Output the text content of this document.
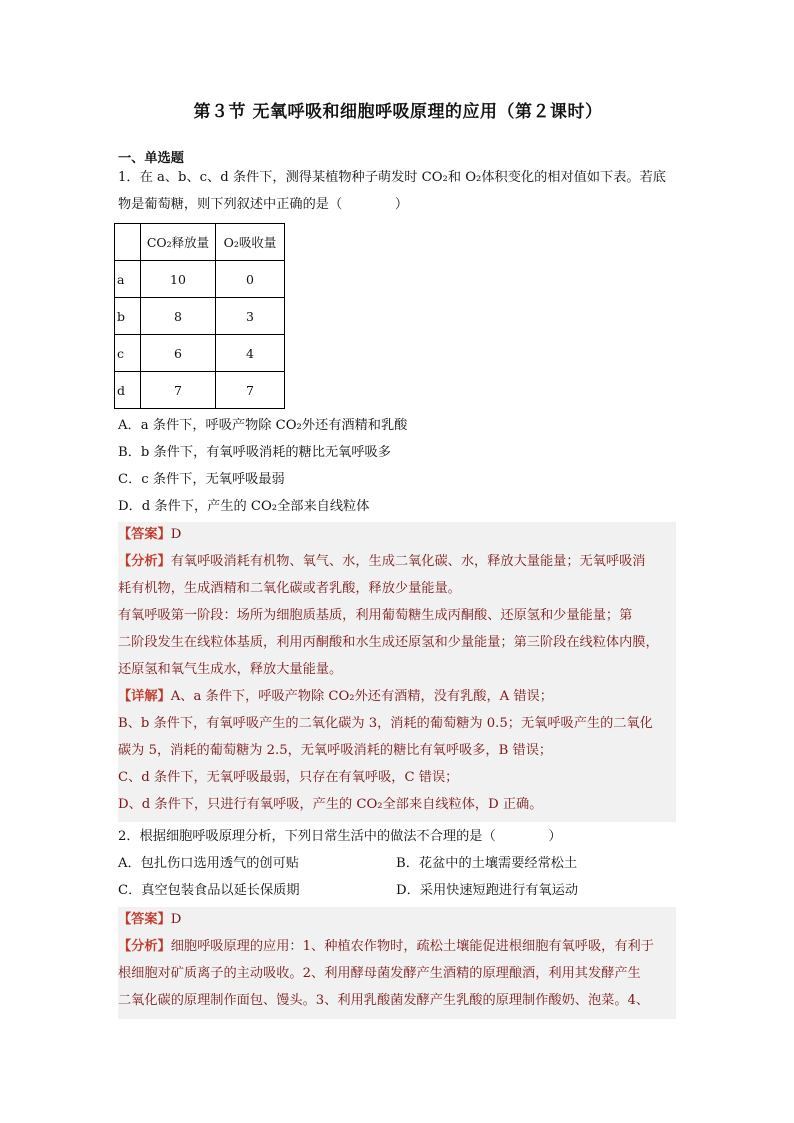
第３节 无氧呼吸和细胞呼吸原理的应用（第２课时）
一、单选题
1．在 a、b、c、d 条件下，测得某植物种子萌发时 CO₂和 O₂体积变化的相对值如下表。若底
物是葡萄糖，则下列叙述中正确的是（　　　　）
	CO₂释放量	O₂吸收量
a	10	0
b	8	3
c	6	4
d	7	7
A．a 条件下，呼吸产物除 CO₂外还有酒精和乳酸
B．b 条件下，有氧呼吸消耗的糖比无氧呼吸多
C．c 条件下，无氧呼吸最弱
D．d 条件下，产生的 CO₂全部来自线粒体
【答案】D
【分析】有氧呼吸消耗有机物、氧气、水，生成二氧化碳、水，释放大量能量；无氧呼吸消
耗有机物，生成酒精和二氧化碳或者乳酸，释放少量能量。
有氧呼吸第一阶段：场所为细胞质基质，利用葡萄糖生成丙酮酸、还原氢和少量能量；第
二阶段发生在线粒体基质，利用丙酮酸和水生成还原氢和少量能量；第三阶段在线粒体内膜，
还原氢和氧气生成水，释放大量能量。
【详解】A、a 条件下，呼吸产物除 CO₂外还有酒精，没有乳酸，A 错误；
B、b 条件下，有氧呼吸产生的二氧化碳为 3，消耗的葡萄糖为 0.5；无氧呼吸产生的二氧化
碳为 5，消耗的葡萄糖为 2.5，无氧呼吸消耗的糖比有氧呼吸多，B 错误；
C、d 条件下，无氧呼吸最弱，只存在有氧呼吸，C 错误；
D、d 条件下，只进行有氧呼吸，产生的 CO₂全部来自线粒体，D 正确。
2．根据细胞呼吸原理分析，下列日常生活中的做法不合理的是（　　　　）
A．包扎伤口选用透气的创可贴	B．花盆中的土壤需要经常松土
C．真空包装食品以延长保质期	D．采用快速短跑进行有氧运动
【答案】D
【分析】细胞呼吸原理的应用：1、种植农作物时，疏松土壤能促进根细胞有氧呼吸，有利于
根细胞对矿质离子的主动吸收。2、利用酵母菌发酵产生酒精的原理酿酒，利用其发酵产生
二氧化碳的原理制作面包、馒头。3、利用乳酸菌发酵产生乳酸的原理制作酸奶、泡菜。4、
